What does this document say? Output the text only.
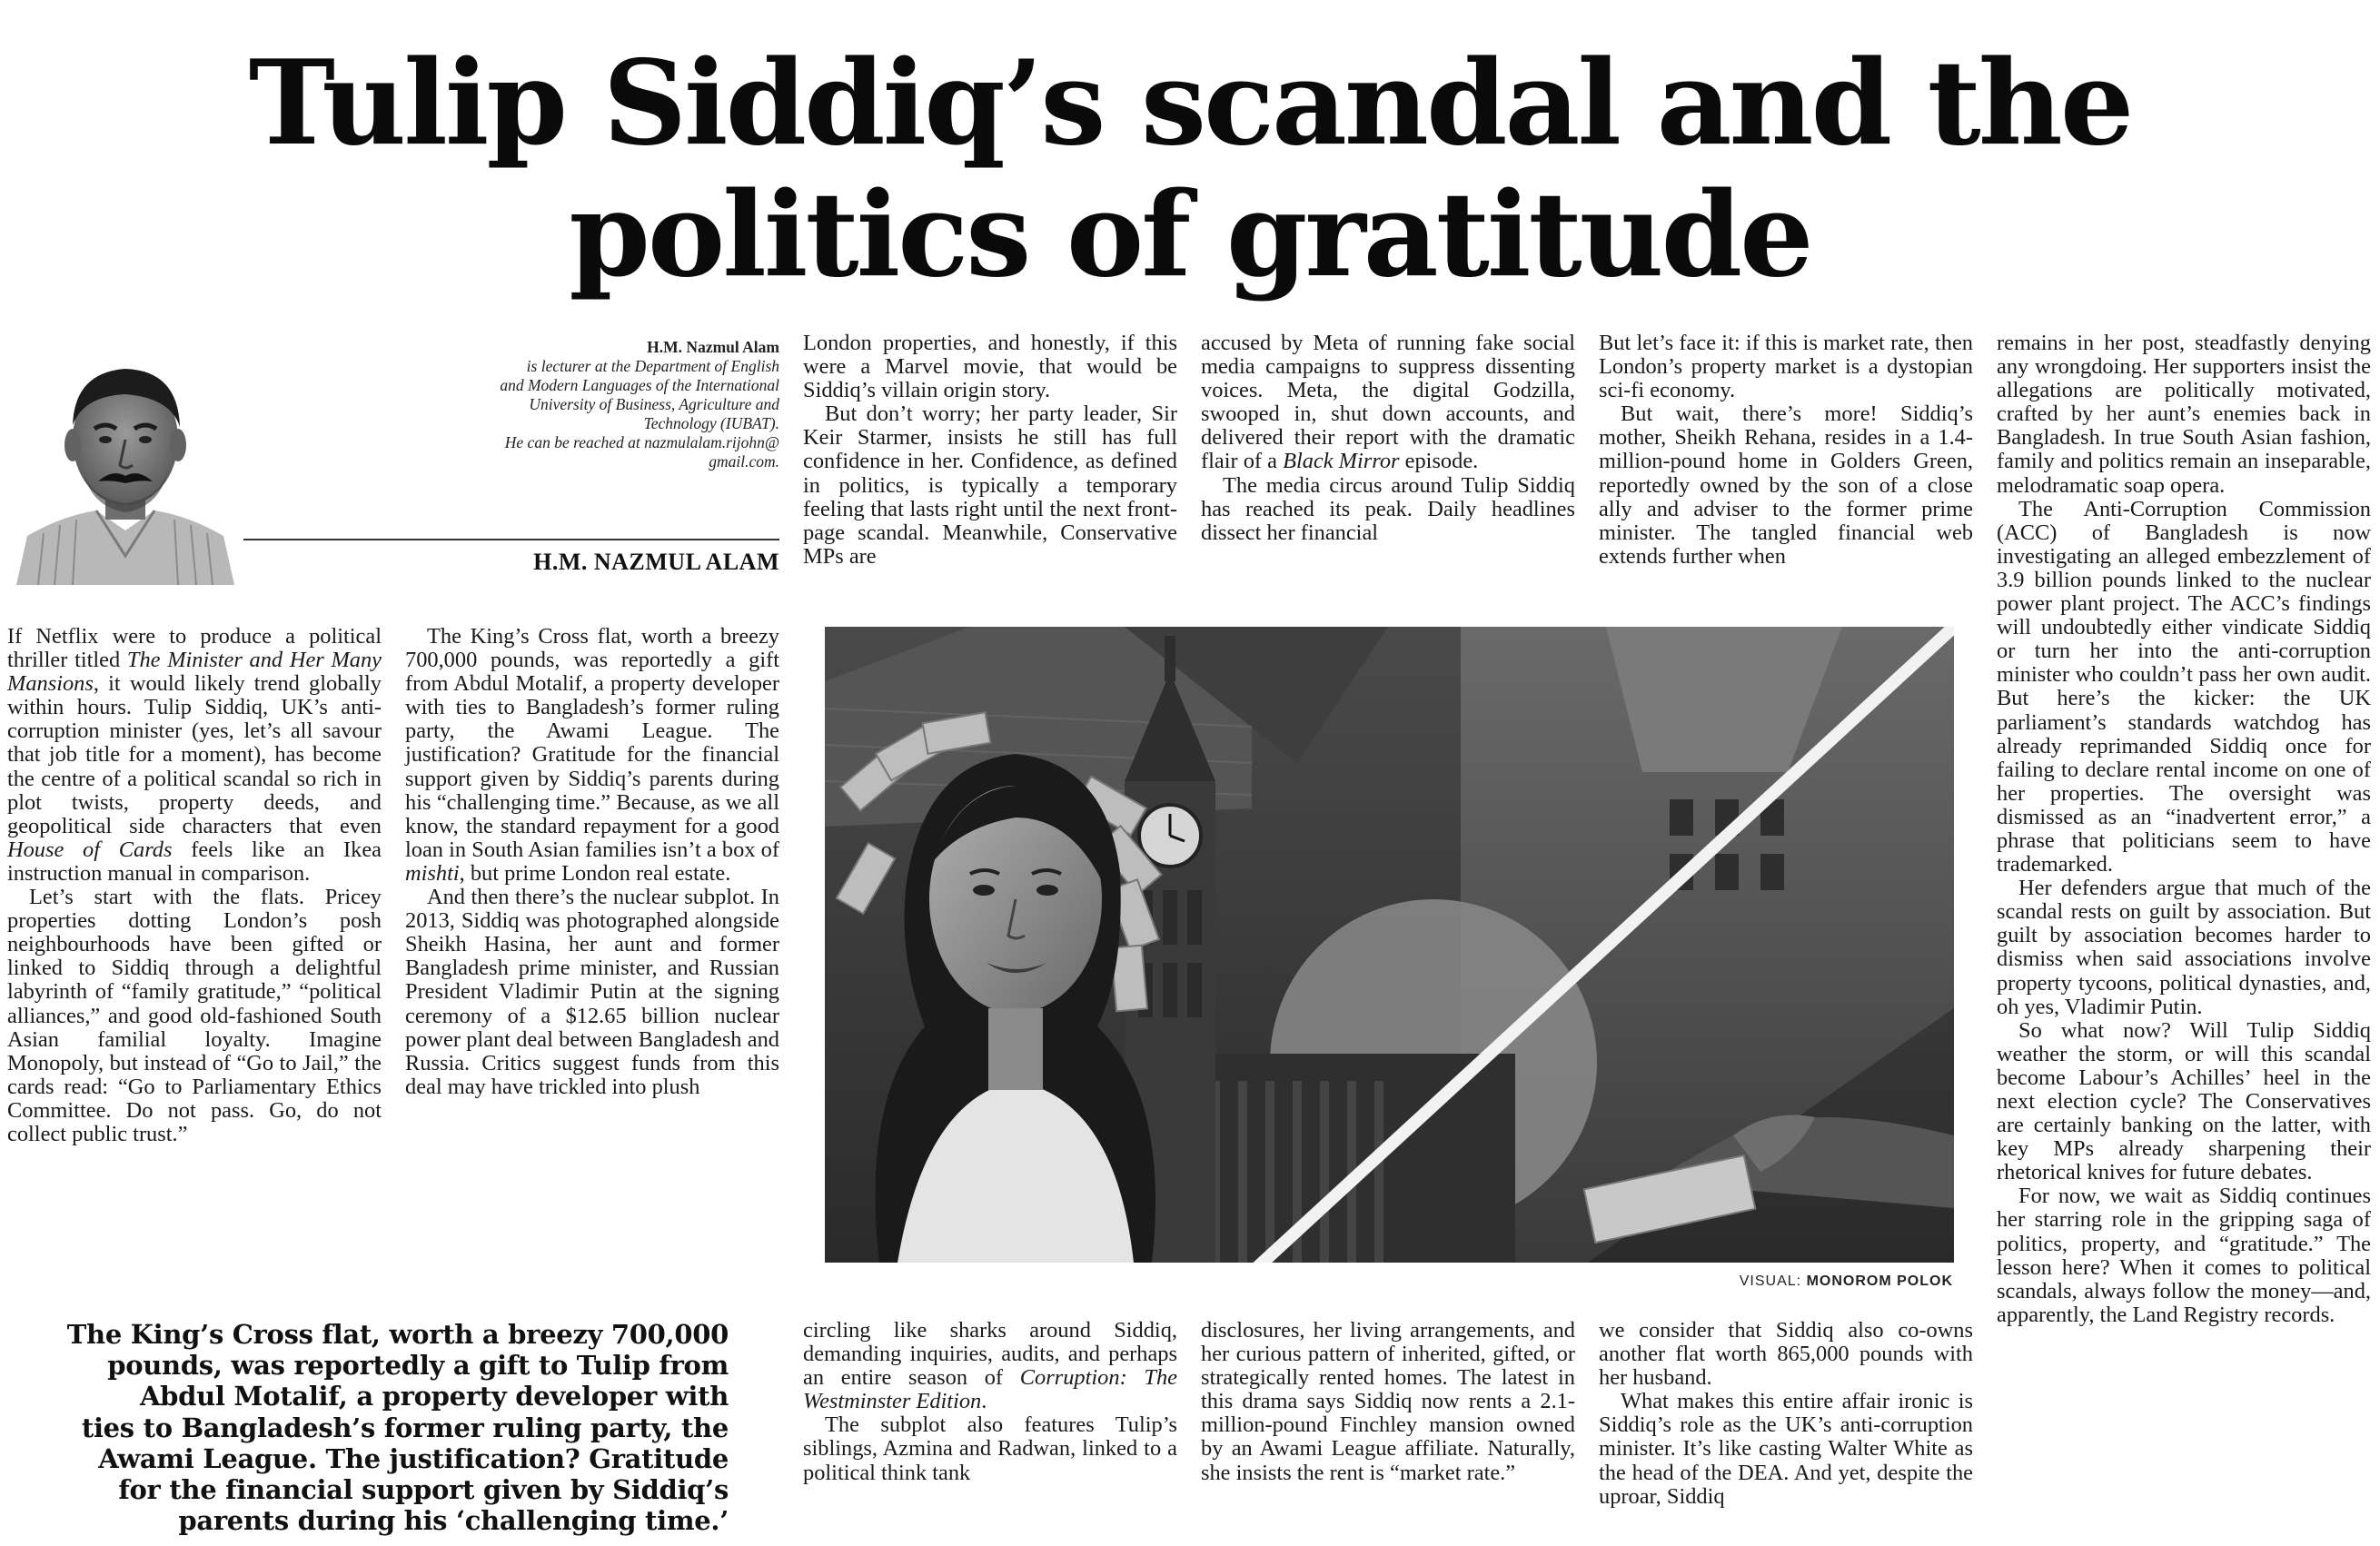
Tulip Siddiq’s scandal and the
politics of gratitude
H.M. Nazmul Alam
is lecturer at the Department of English
and Modern Languages of the International
University of Business, Agriculture and
Technology (IUBAT).
He can be reached at nazmulalam.rijohn@
gmail.com.
H.M. NAZMUL ALAM

If Netflix were to produce a political thriller titled The Minister and Her Many Mansions, it would likely trend globally within hours. Tulip Siddiq, UK’s anti-corruption minister (yes, let’s all savour that job title for a moment), has become the centre of a political scandal so rich in plot twists, property deeds, and geopolitical side characters that even House of Cards feels like an Ikea instruction manual in comparison.

Let’s start with the flats. Pricey properties dotting London’s posh neighbourhoods have been gifted or linked to Siddiq through a delightful labyrinth of “family gratitude,” “political alliances,” and good old-fashioned South Asian familial loyalty. Imagine Monopoly, but instead of “Go to Jail,” the cards read: “Go to Parliamentary Ethics Committee. Do not pass. Go, do not collect public trust.”

The King’s Cross flat, worth a breezy 700,000 pounds, was reportedly a gift from Abdul Motalif, a property developer with ties to Bangladesh’s former ruling party, the Awami League. The justification? Gratitude for the financial support given by Siddiq’s parents during his “challenging time.” Because, as we all know, the standard repayment for a good loan in South Asian families isn’t a box of mishti, but prime London real estate.

And then there’s the nuclear subplot. In 2013, Siddiq was photographed alongside Sheikh Hasina, her aunt and former Bangladesh prime minister, and Russian President Vladimir Putin at the signing ceremony of a $12.65 billion nuclear power plant deal between Bangladesh and Russia. Critics suggest funds from this deal may have trickled into plush

London properties, and honestly, if this were a Marvel movie, that would be Siddiq’s villain origin story.

But don’t worry; her party leader, Sir Keir Starmer, insists he still has full confidence in her. Confidence, as defined in politics, is typically a temporary feeling that lasts right until the next front-page scandal. Meanwhile, Conservative MPs are

accused by Meta of running fake social media campaigns to suppress dissenting voices. Meta, the digital Godzilla, swooped in, shut down accounts, and delivered their report with the dramatic flair of a Black Mirror episode.

The media circus around Tulip Siddiq has reached its peak. Daily headlines dissect her financial

But let’s face it: if this is market rate, then London’s property market is a dystopian sci-fi economy.

But wait, there’s more! Siddiq’s mother, Sheikh Rehana, resides in a 1.4-million-pound home in Golders Green, reportedly owned by the son of a close ally and adviser to the former prime minister. The tangled financial web extends further when

remains in her post, steadfastly denying any wrongdoing. Her supporters insist the allegations are politically motivated, crafted by her aunt’s enemies back in Bangladesh. In true South Asian fashion, family and politics remain an inseparable, melodramatic soap opera.

The Anti-Corruption Commission (ACC) of Bangladesh is now investigating an alleged embezzlement of 3.9 billion pounds linked to the nuclear power plant project. The ACC’s findings will undoubtedly either vindicate Siddiq or turn her into the anti-corruption minister who couldn’t pass her own audit. But here’s the kicker: the UK parliament’s standards watchdog has already reprimanded Siddiq once for failing to declare rental income on one of her properties. The oversight was dismissed as an “inadvertent error,” a phrase that politicians seem to have trademarked.

Her defenders argue that much of the scandal rests on guilt by association. But guilt by association becomes harder to dismiss when said associations involve property tycoons, political dynasties, and, oh yes, Vladimir Putin.

So what now? Will Tulip Siddiq weather the storm, or will this scandal become Labour’s Achilles’ heel in the next election cycle? The Conservatives are certainly banking on the latter, with key MPs already sharpening their rhetorical knives for future debates.

For now, we wait as Siddiq continues her starring role in the gripping saga of politics, property, and “gratitude.” The lesson here? When it comes to political scandals, always follow the money—and, apparently, the Land Registry records.

VISUAL: MONOROM POLOK
The King’s Cross flat, worth a breezy 700,000
pounds, was reportedly a gift to Tulip from
Abdul Motalif, a property developer with
ties to Bangladesh’s former ruling party, the
Awami League. The justification? Gratitude
for the financial support given by Siddiq’s
parents during his ‘challenging time.’

circling like sharks around Siddiq, demanding inquiries, audits, and perhaps an entire season of Corruption: The Westminster Edition.

The subplot also features Tulip’s siblings, Azmina and Radwan, linked to a political think tank

disclosures, her living arrangements, and her curious pattern of inherited, gifted, or strategically rented homes. The latest in this drama says Siddiq now rents a 2.1-million-pound Finchley mansion owned by an Awami League affiliate. Naturally, she insists the rent is “market rate.”

we consider that Siddiq also co-owns another flat worth 865,000 pounds with her husband.

What makes this entire affair ironic is Siddiq’s role as the UK’s anti-corruption minister. It’s like casting Walter White as the head of the DEA. And yet, despite the uproar, Siddiq
